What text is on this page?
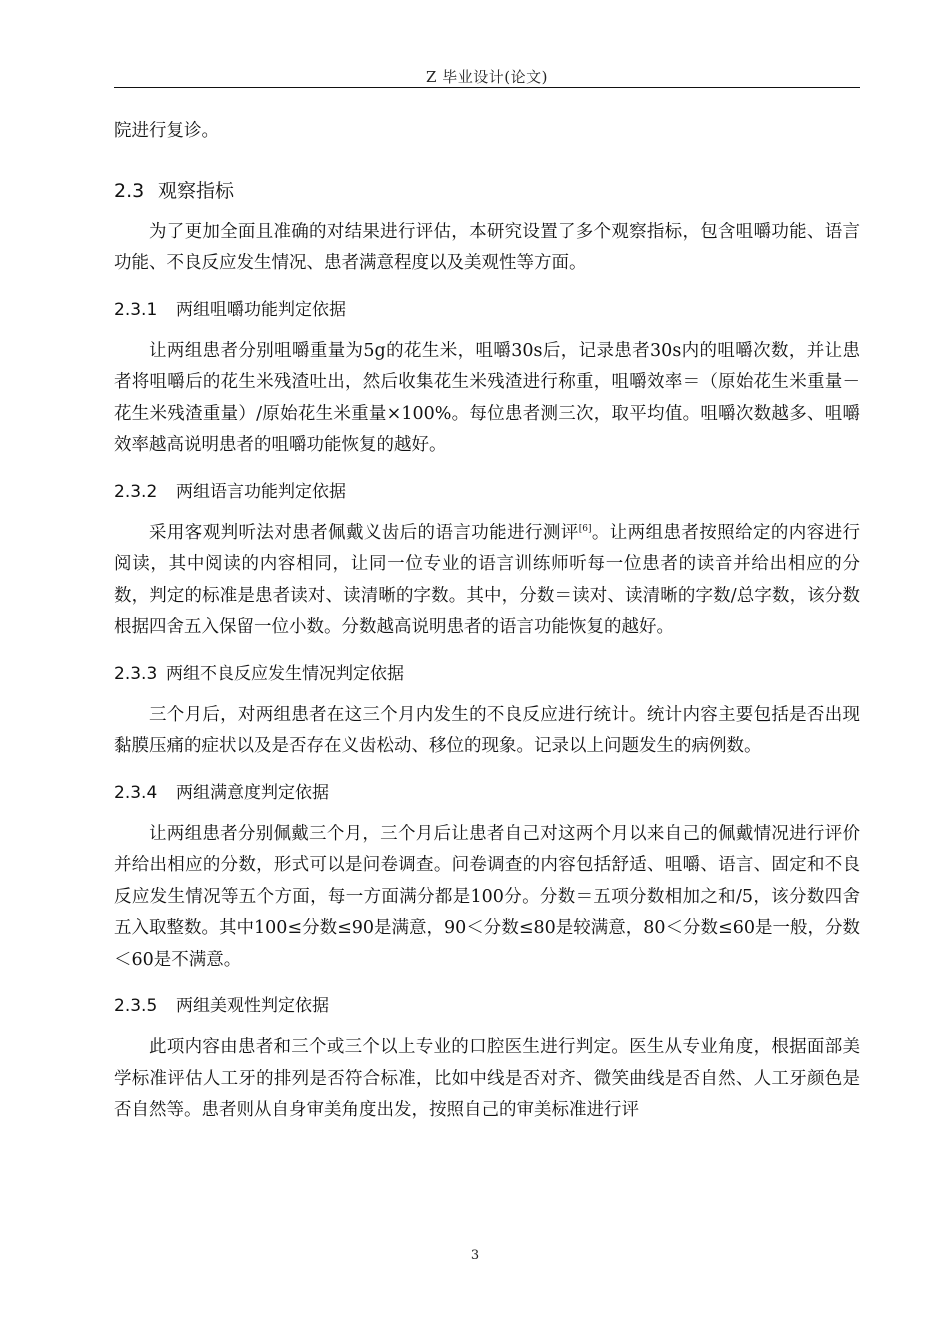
Z 毕业设计(论文)

院进行复诊。

2.3 观察指标

为了更加全面且准确的对结果进行评估，本研究设置了多个观察指标，包含咀嚼功能、语言功能、不良反应发生情况、患者满意程度以及美观性等方面。

2.3.1 两组咀嚼功能判定依据

让两组患者分别咀嚼重量为5g的花生米，咀嚼30s后，记录患者30s内的咀嚼次数，并让患者将咀嚼后的花生米残渣吐出，然后收集花生米残渣进行称重，咀嚼效率＝（原始花生米重量－花生米残渣重量）/原始花生米重量×100%。每位患者测三次，取平均值。咀嚼次数越多、咀嚼效率越高说明患者的咀嚼功能恢复的越好。

2.3.2 两组语言功能判定依据

采用客观判听法对患者佩戴义齿后的语言功能进行测评[6]。让两组患者按照给定的内容进行阅读，其中阅读的内容相同，让同一位专业的语言训练师听每一位患者的读音并给出相应的分数，判定的标准是患者读对、读清晰的字数。其中，分数＝读对、读清晰的字数/总字数，该分数根据四舍五入保留一位小数。分数越高说明患者的语言功能恢复的越好。

2.3.3 两组不良反应发生情况判定依据

三个月后，对两组患者在这三个月内发生的不良反应进行统计。统计内容主要包括是否出现黏膜压痛的症状以及是否存在义齿松动、移位的现象。记录以上问题发生的病例数。

2.3.4 两组满意度判定依据

让两组患者分别佩戴三个月，三个月后让患者自己对这两个月以来自己的佩戴情况进行评价并给出相应的分数，形式可以是问卷调查。问卷调查的内容包括舒适、咀嚼、语言、固定和不良反应发生情况等五个方面，每一方面满分都是100分。分数＝五项分数相加之和/5，该分数四舍五入取整数。其中100≤分数≤90是满意，90＜分数≤80是较满意，80＜分数≤60是一般，分数＜60是不满意。

2.3.5 两组美观性判定依据

此项内容由患者和三个或三个以上专业的口腔医生进行判定。医生从专业角度，根据面部美学标准评估人工牙的排列是否符合标准，比如中线是否对齐、微笑曲线是否自然、人工牙颜色是否自然等。患者则从自身审美角度出发，按照自己的审美标准进行评

3
